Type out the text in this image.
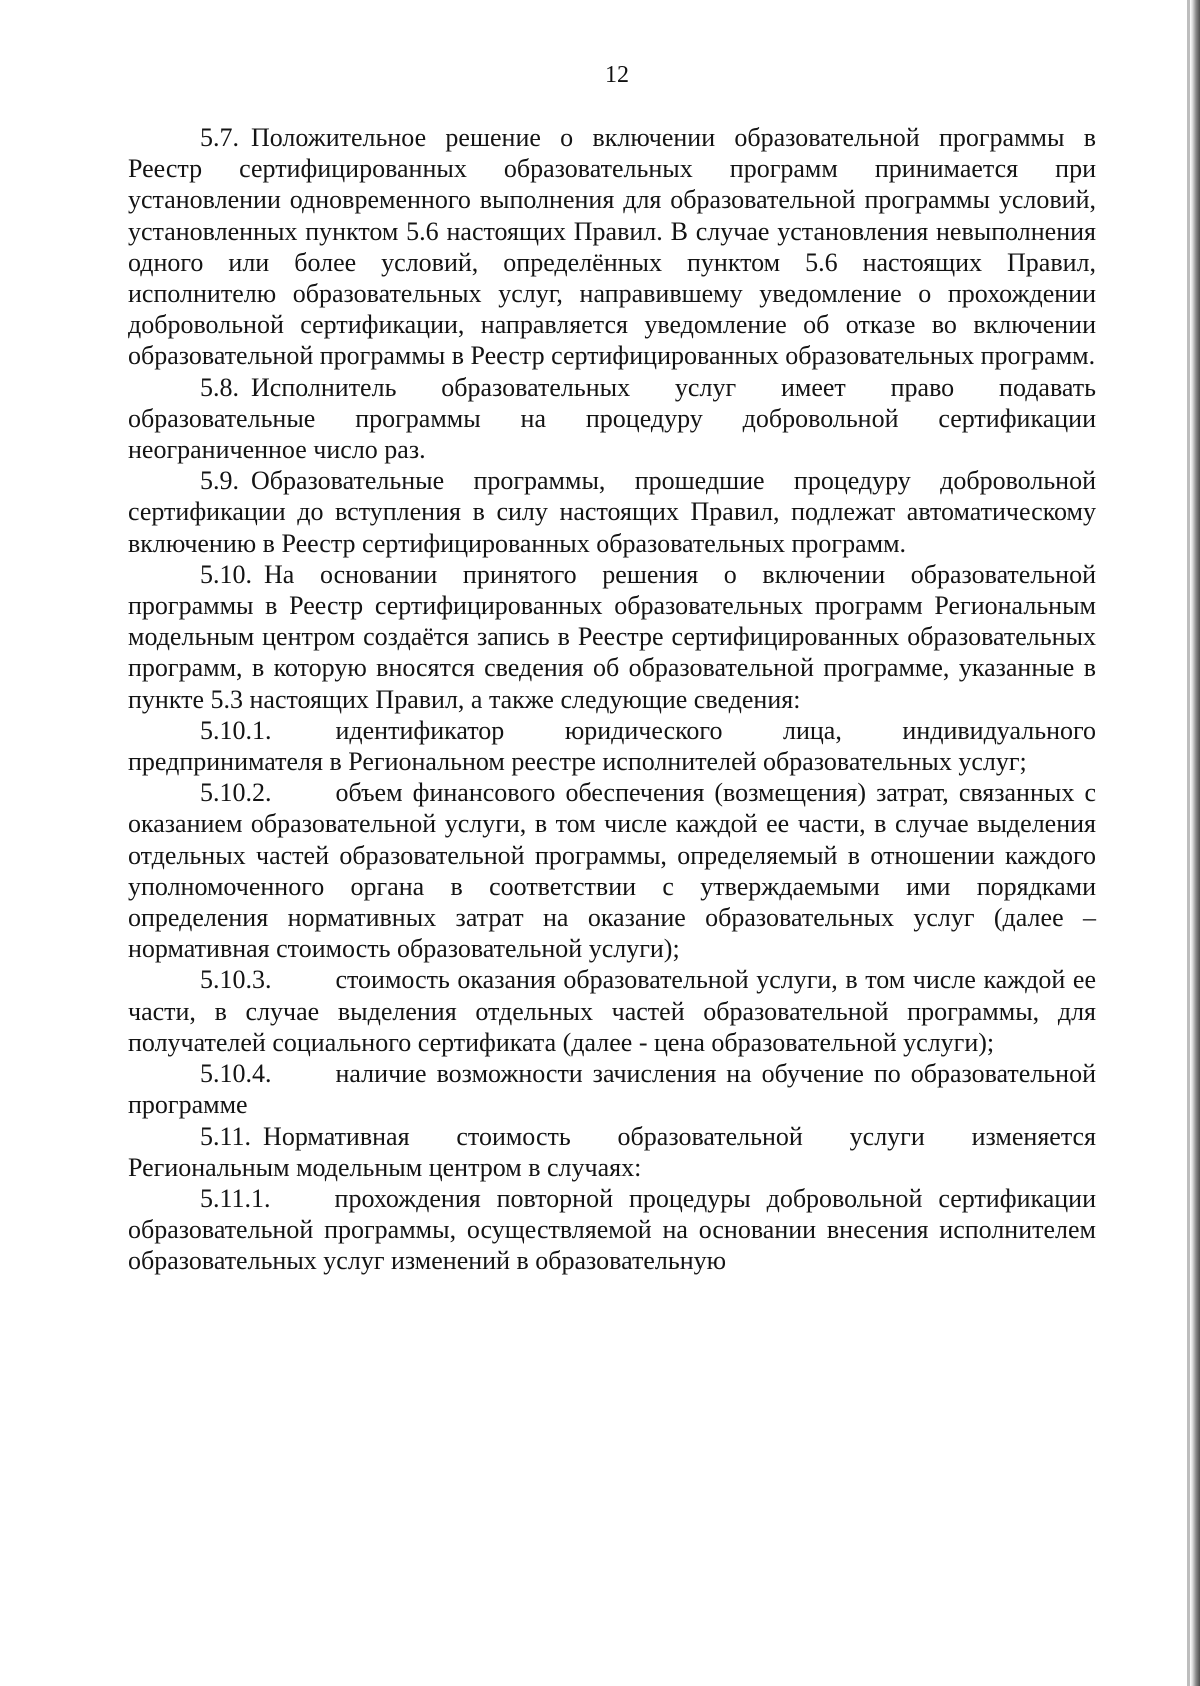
12

5.7. Положительное решение о включении образовательной программы в Реестр сертифицированных образовательных программ принимается при установлении одновременного выполнения для образовательной программы условий, установленных пунктом 5.6 настоящих Правил. В случае установления невыполнения одного или более условий, определённых пунктом 5.6 настоящих Правил, исполнителю образовательных услуг, направившему уведомление о прохождении добровольной сертификации, направляется уведомление об отказе во включении образовательной программы в Реестр сертифицированных образовательных программ.

5.8. Исполнитель образовательных услуг имеет право подавать образовательные программы на процедуру добровольной сертификации неограниченное число раз.

5.9. Образовательные программы, прошедшие процедуру добровольной сертификации до вступления в силу настоящих Правил, подлежат автоматическому включению в Реестр сертифицированных образовательных программ.

5.10. На основании принятого решения о включении образовательной программы в Реестр сертифицированных образовательных программ Региональным модельным центром создаётся запись в Реестре сертифицированных образовательных программ, в которую вносятся сведения об образовательной программе, указанные в пункте 5.3 настоящих Правил, а также следующие сведения:

5.10.1. идентификатор юридического лица, индивидуального предпринимателя в Региональном реестре исполнителей образовательных услуг;

5.10.2. объем финансового обеспечения (возмещения) затрат, связанных с оказанием образовательной услуги, в том числе каждой ее части, в случае выделения отдельных частей образовательной программы, определяемый в отношении каждого уполномоченного органа в соответствии с утверждаемыми ими порядками определения нормативных затрат на оказание образовательных услуг (далее – нормативная стоимость образовательной услуги);

5.10.3. стоимость оказания образовательной услуги, в том числе каждой ее части, в случае выделения отдельных частей образовательной программы, для получателей социального сертификата (далее - цена образовательной услуги);

5.10.4. наличие возможности зачисления на обучение по образовательной программе

5.11. Нормативная стоимость образовательной услуги изменяется Региональным модельным центром в случаях:

5.11.1. прохождения повторной процедуры добровольной сертификации образовательной программы, осуществляемой на основании внесения исполнителем образовательных услуг изменений в образовательную
